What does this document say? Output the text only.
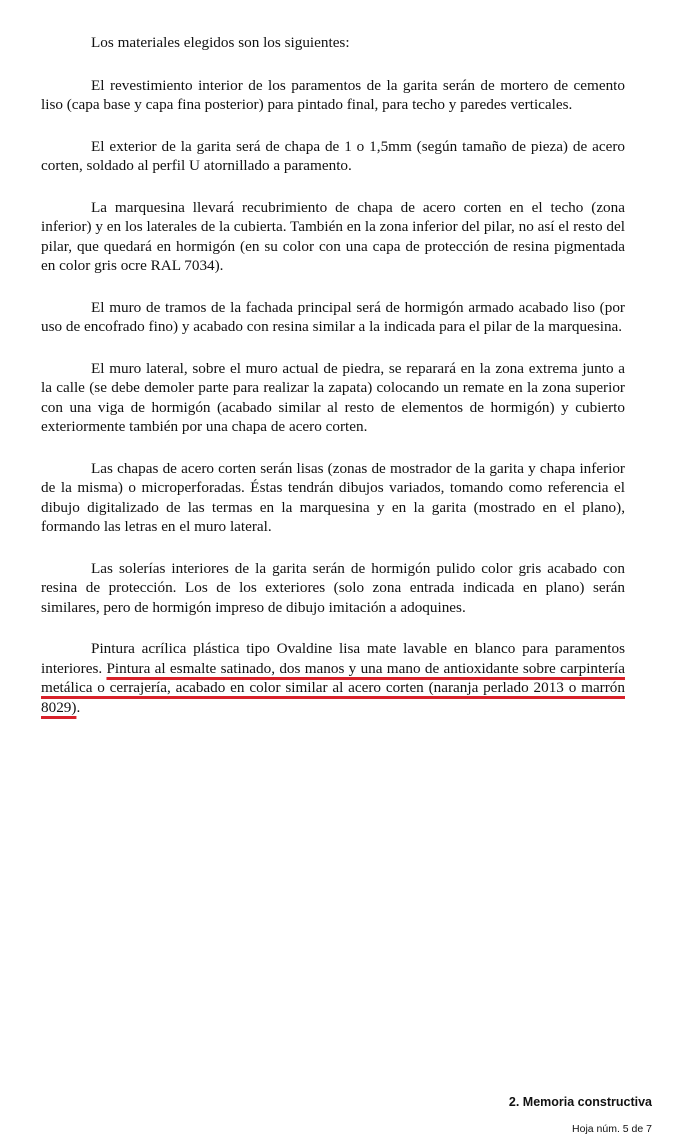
Los materiales elegidos son los siguientes:

El revestimiento interior de los paramentos de la garita serán de mortero de cemento liso (capa base y capa fina posterior) para pintado final, para techo y paredes verticales.

El exterior de la garita será de chapa de 1 o 1,5mm (según tamaño de pieza) de acero corten, soldado al perfil U atornillado a paramento.

La marquesina llevará recubrimiento de chapa de acero corten en el techo (zona inferior) y en los laterales de la cubierta. También en la zona inferior del pilar, no así el resto del pilar, que quedará en hormigón (en su color con una capa de protección de resina pigmentada en color gris ocre RAL 7034).

El muro de tramos de la fachada principal será de hormigón armado acabado liso (por uso de encofrado fino) y acabado con resina similar a la indicada para el pilar de la marquesina.

El muro lateral, sobre el muro actual de piedra, se reparará en la zona extrema junto a la calle (se debe demoler parte para realizar la zapata) colocando un remate en la zona superior con una viga de hormigón (acabado similar al resto de elementos de hormigón) y cubierto exteriormente también por una chapa de acero corten.

Las chapas de acero corten serán lisas (zonas de mostrador de la garita y chapa inferior de la misma) o microperforadas. Éstas tendrán dibujos variados, tomando como referencia el dibujo digitalizado de las termas en la marquesina y en la garita (mostrado en el plano), formando las letras en el muro lateral.

Las solerías interiores de la garita serán de hormigón pulido color gris acabado con resina de protección. Los de los exteriores (solo zona entrada indicada en plano) serán similares, pero de hormigón impreso de dibujo imitación a adoquines.

Pintura acrílica plástica tipo Ovaldine lisa mate lavable en blanco para paramentos interiores. Pintura al esmalte satinado, dos manos y una mano de antioxidante sobre carpintería metálica o cerrajería, acabado en color similar al acero corten (naranja perlado 2013 o marrón 8029).

2. Memoria constructiva
Hoja núm. 5 de 7
